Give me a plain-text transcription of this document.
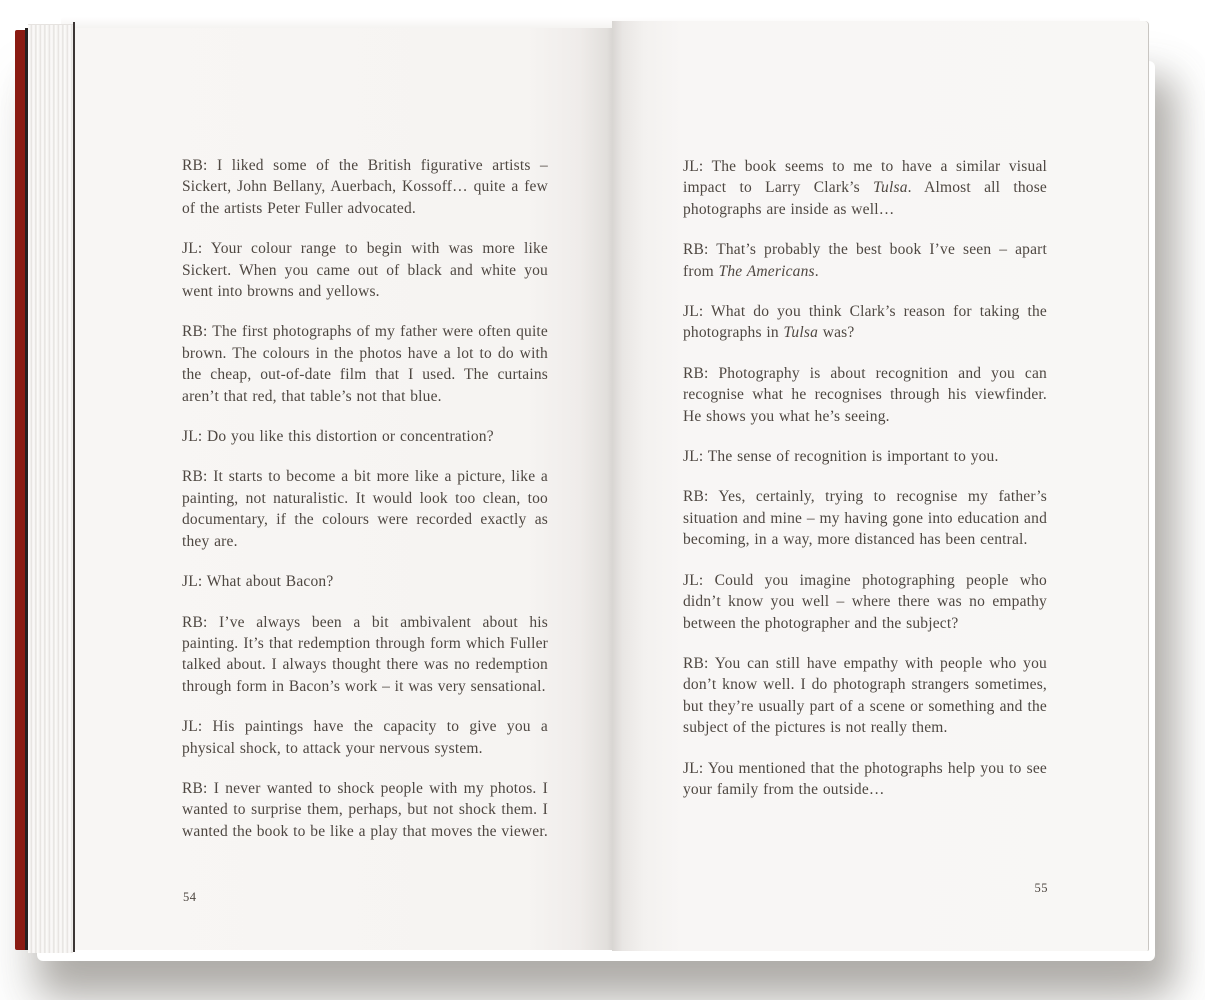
RB: I liked some of the British figurative artists – Sickert, John Bellany, Auerbach, Kossoff… quite a few of the artists Peter Fuller advocated.

JL: Your colour range to begin with was more like Sickert. When you came out of black and white you went into browns and yellows.

RB: The first photographs of my father were often quite brown. The colours in the photos have a lot to do with the cheap, out-of-date film that I used. The curtains aren’t that red, that table’s not that blue.

JL: Do you like this distortion or concentration?

RB: It starts to become a bit more like a picture, like a painting, not naturalistic. It would look too clean, too documentary, if the colours were recorded exactly as they are.

JL: What about Bacon?

RB: I’ve always been a bit ambivalent about his painting. It’s that redemption through form which Fuller talked about. I always thought there was no redemption through form in Bacon’s work – it was very sensational.

JL: His paintings have the capacity to give you a physical shock, to attack your nervous system.

RB: I never wanted to shock people with my photos. I wanted to surprise them, perhaps, but not shock them. I wanted the book to be like a play that moves the viewer.

54

JL: The book seems to me to have a similar visual impact to Larry Clark’s Tulsa. Almost all those photographs are inside as well…

RB: That’s probably the best book I’ve seen – apart from The Americans.

JL: What do you think Clark’s reason for taking the photographs in Tulsa was?

RB: Photography is about recognition and you can recognise what he recognises through his viewfinder. He shows you what he’s seeing.

JL: The sense of recognition is important to you.

RB: Yes, certainly, trying to recognise my father’s situation and mine – my having gone into education and becoming, in a way, more distanced has been central.

JL: Could you imagine photographing people who didn’t know you well – where there was no empathy between the photographer and the subject?

RB: You can still have empathy with people who you don’t know well. I do photograph strangers sometimes, but they’re usually part of a scene or something and the subject of the pictures is not really them.

JL: You mentioned that the photographs help you to see your family from the outside…

55
